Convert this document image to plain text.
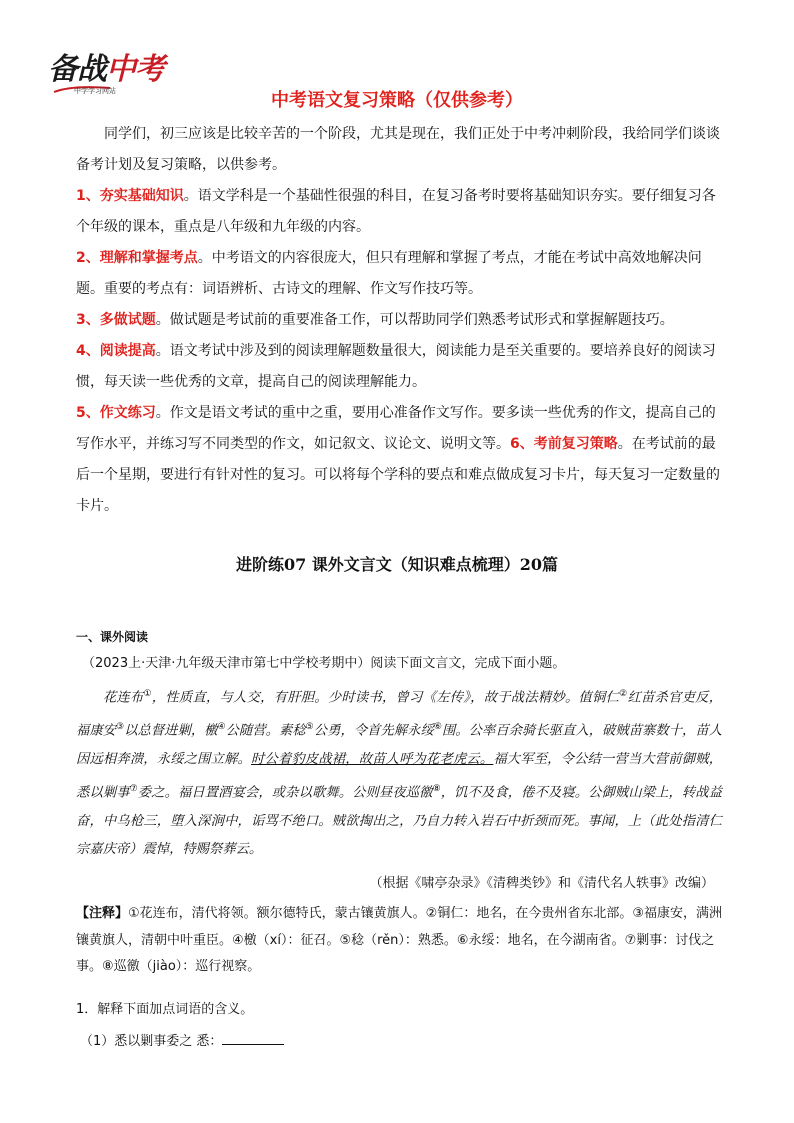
备战中考
中学学习网站	中考语文复习策略（仅供参考）

同学们，初三应该是比较辛苦的一个阶段，尤其是现在，我们正处于中考冲刺阶段，我给同学们谈谈备考计划及复习策略，以供参考。

1、夯实基础知识。语文学科是一个基础性很强的科目，在复习备考时要将基础知识夯实。要仔细复习各个年级的课本，重点是八年级和九年级的内容。

2、理解和掌握考点。中考语文的内容很庞大，但只有理解和掌握了考点，才能在考试中高效地解决问题。重要的考点有：词语辨析、古诗文的理解、作文写作技巧等。

3、多做试题。做试题是考试前的重要准备工作，可以帮助同学们熟悉考试形式和掌握解题技巧。

4、阅读提高。语文考试中涉及到的阅读理解题数量很大，阅读能力是至关重要的。要培养良好的阅读习惯，每天读一些优秀的文章，提高自己的阅读理解能力。

5、作文练习。作文是语文考试的重中之重，要用心准备作文写作。要多读一些优秀的作文，提高自己的写作水平，并练习写不同类型的作文，如记叙文、议论文、说明文等。6、考前复习策略。在考试前的最后一个星期，要进行有针对性的复习。可以将每个学科的要点和难点做成复习卡片，每天复习一定数量的卡片。

进阶练07 课外文言文（知识难点梳理）20篇
一、课外阅读
（2023上·天津·九年级天津市第七中学校考期中）阅读下面文言文，完成下面小题。
花连布①，性质直，与人交，有肝胆。少时读书，曾习《左传》，故于战法精妙。值铜仁②红苗杀官吏反，福康安③以总督进剿，檄④公随营。素稔⑤公勇，令首先解永绥⑥围。公率百余骑长驱直入，破贼苗寨数十，苗人因远相奔溃，永绥之围立解。时公着豹皮战裙，故苗人呼为花老虎云。福大军至，令公结一营当大营前御贼，悉以剿事⑦委之。福日置酒宴会，或杂以歌舞。公则昼夜巡徼⑧，饥不及食，倦不及寝。公御贼山梁上，转战益奋，中乌枪三，堕入深涧中，诟骂不绝口。贼欲掏出之，乃自力转入岩石中折颈而死。事闻，上（此处指清仁宗嘉庆帝）震悼，特赐祭葬云。
（根据《啸亭杂录》《清稗类钞》和《清代名人轶事》改编）
【注释】①花连布，清代将领。额尔德特氏，蒙古镶黄旗人。②铜仁：地名，在今贵州省东北部。③福康安，满洲镶黄旗人，清朝中叶重臣。④檄（xí）：征召。⑤稔（rěn）：熟悉。⑥永绥：地名，在今湖南省。⑦剿事：讨伐之事。⑧巡徼（jiào）：巡行视察。
1．解释下面加点词语的含义。
（1）悉以剿事委之 悉：
